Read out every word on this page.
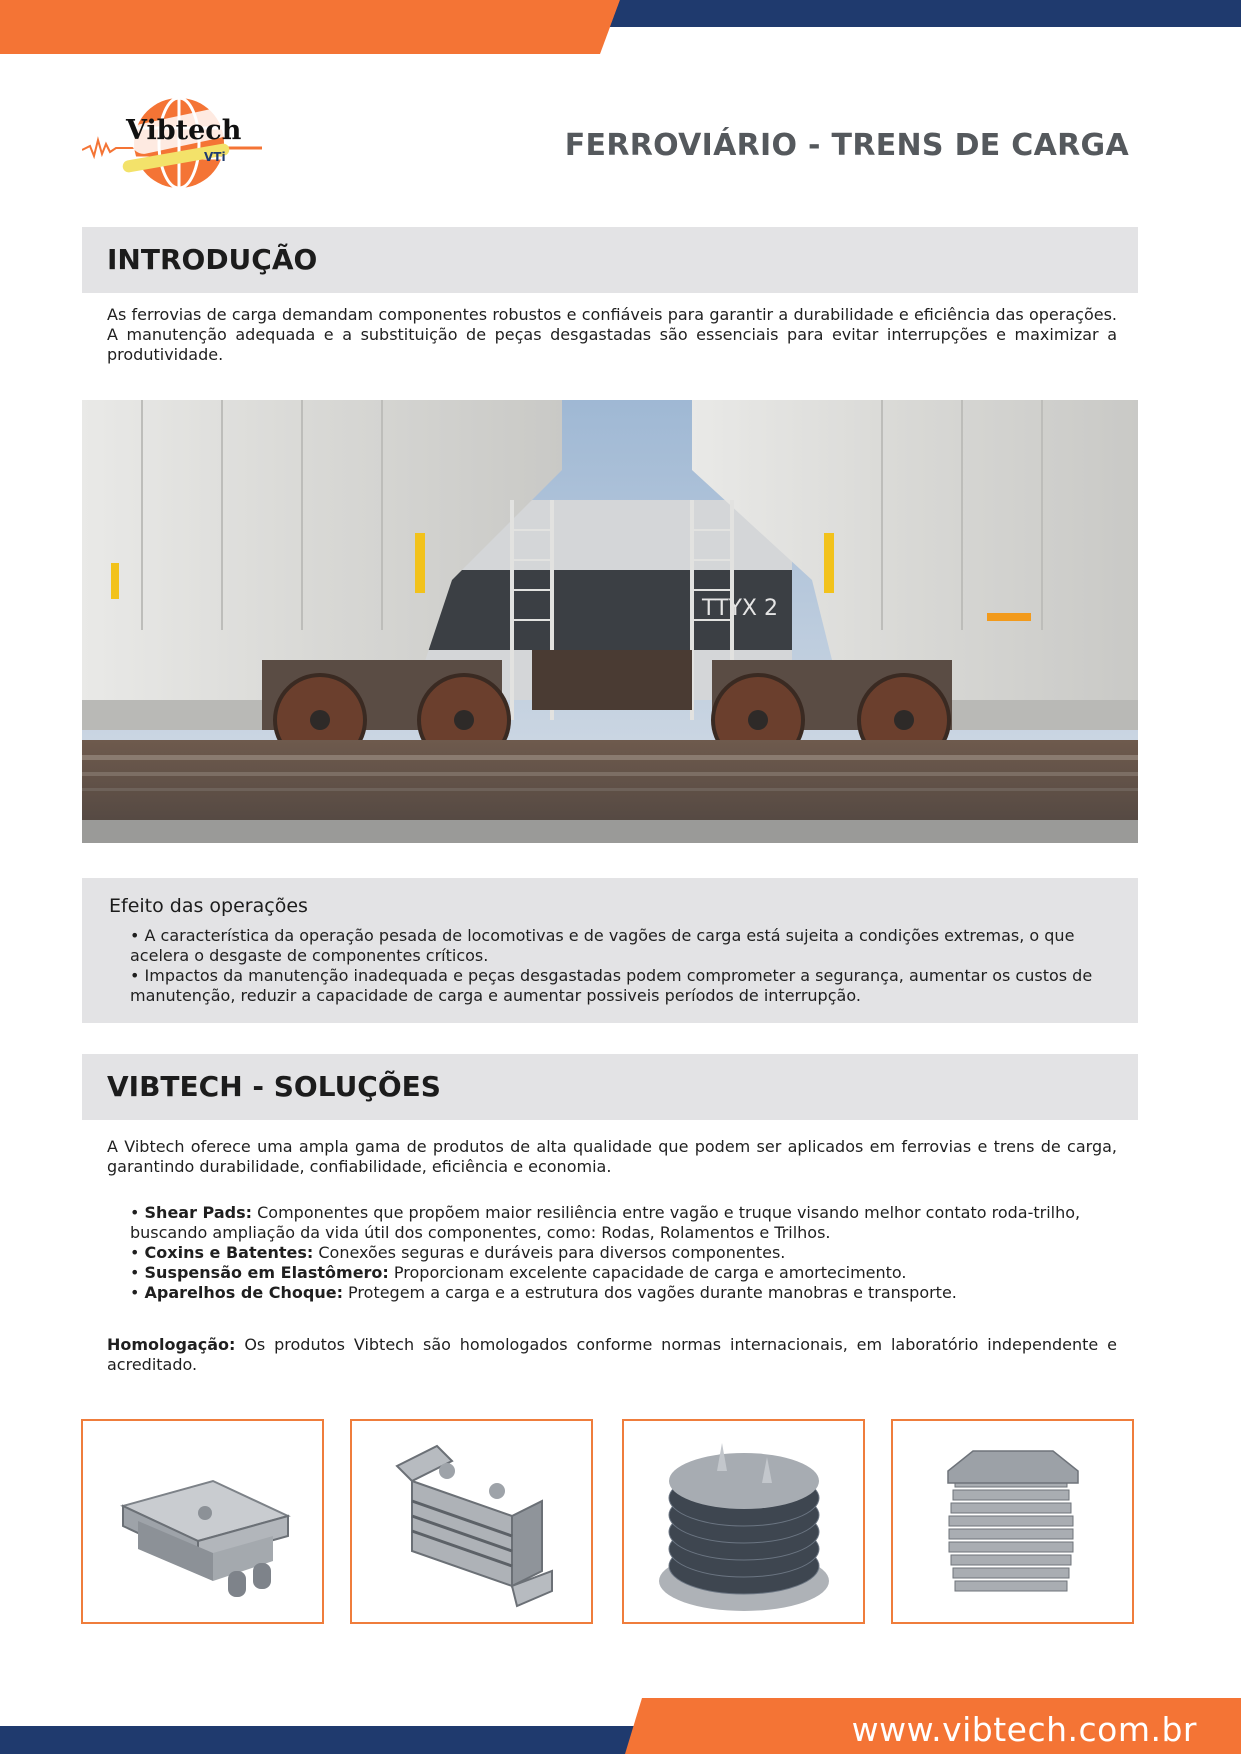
Vibtech
VTi	FERROVIÁRIO - TRENS DE CARGA
INTRODUÇÃO
As ferrovias de carga demandam componentes robustos e confiáveis para garantir a durabilidade e eficiência das operações. A manutenção adequada e a substituição de peças desgastadas são essenciais para evitar interrupções e maximizar a produtividade.
TTYX 2
Efeito das operações
• A característica da operação pesada de locomotivas e de vagões de carga está sujeita a condições extremas, o que acelera o desgaste de componentes críticos.
• Impactos da manutenção inadequada e peças desgastadas podem comprometer a segurança, aumentar os custos de manutenção, reduzir a capacidade de carga e aumentar possiveis períodos de interrupção.
VIBTECH - SOLUÇÕES
A Vibtech oferece uma ampla gama de produtos de alta qualidade que podem ser aplicados em ferrovias e trens de carga, garantindo durabilidade, confiabilidade, eficiência e economia.
• Shear Pads: Componentes que propõem maior resiliência entre vagão e truque visando melhor contato roda-trilho, buscando ampliação da vida útil dos componentes, como: Rodas, Rolamentos e Trilhos.
• Coxins e Batentes: Conexões seguras e duráveis para diversos componentes.
• Suspensão em Elastômero: Proporcionam excelente capacidade de carga e amortecimento.
• Aparelhos de Choque: Protegem a carga e a estrutura dos vagões durante manobras e transporte.
Homologação: Os produtos Vibtech são homologados conforme normas internacionais, em laboratório independente e acreditado.
www.vibtech.com.br
